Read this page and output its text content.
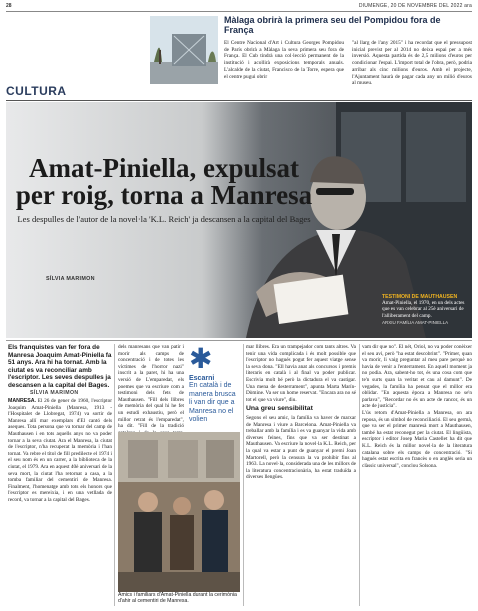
28	DIUMENGE, 20 DE NOVEMBRE DEL 2022 ara
Màlaga obrirà la primera seu del Pompidou fora de França
El Centre Nacional d'Art i Cultura Georges Pompidou de París obrirà a Màlaga la seva primera seu fora de França. El Cub tindrà una col·lecció permanent de la institució i acollirà exposicions temporals anuals. L'alcalde de la ciutat, Francisco de la Torre, espera que el centre pugui obrir
"al llarg de l'any 2015" i ha recordat que el pressupost inicial previst per al 2014 no deixa espai per a més inversió. Aquesta partida és de 2,5 milions d'euros per condicionar l'espai. L'import total de l'obra, però, podria arribar als cinc milions d'euros. Amb el projecte, l'Ajuntament haurà de pagar cada any un milió d'euros al museu.
CULTURA
Amat-Piniella, expulsat per roig, torna a Manresa
Les despulles de l'autor de la novel·la 'K.L. Reich' ja descansen a la capital del Bages
SÍLVIA MARIMON
TESTIMONI DE MAUTHAUSEN Amat-Piniella, el 1970, en un dels actes que es van celebrar al 25è aniversari de l'alliberament del camp.
ARXIU FAMÍLIA AMAT-PINIELLA
Els franquistes van fer fora de Manresa Joaquim Amat-Piniella fa 51 anys. Ara hi ha tornat. Amb la ciutat es va reconciliar amb l'escriptor. Les seves despulles ja descansen a la capital del Bages.
SÍLVIA MARIMON
MANRESA. El 26 de gener de 1960, l'escriptor Joaquim Amat-Piniella (Manresa, 1913 - l'Hospitalet de Llobregat, 1974) va sortir de Manresa allí mar exemplars d'El cantó dels aseques. Tota persona que va tornar del camp de Mauthausen i en tots aquells anys no va poder tornar a la seva ciutat. Ara el Manresa, la ciutat de l'escriptor, n'ha recuperat la memòria i l'han tornat. Va rebre el títol de fill predilecte el 1974 i el seu nom és en un carrer, a la biblioteca de la ciutat, el 1979. Ara en aquest 40è aniversari de la seva mort, la ciutat l'ha retornat a casa, a la tomba familiar del cementiri de Manresa. Finalment, l'homenatge amb tots els honors que l'escriptor es mereixia, i en una vetllada de record, va tornar a la capital del Bages.
dels manresans que van patir i morir als camps de concentració i de totes les víctimes de l'horror nazi" inscrit a la paret, hi ha una versió de L'emparedat, els poemes que va escriure com a testimoni dels fets de Mauthausen. "Fill dels llibres de memòria del qual hi he fet un estudi exhaustiu, però el millor retrat és l'emparedat", ha dit. "Fill de la tradició
✱
Escarni
En català i de manera brusca li van dir que a Manresa no el volien
Amics i familiars d'Amat-Piniella durant la cerimònia d'ahir al cementiri de Manresa.
mar llibres. Era un trampejador com tants altres. Va tenir una vida complicada i és molt possible que l'escriptor no hagués pogut fer aquest viatge sense la seva dona. "Ell havia anat als concursos i premis literaris en català i al final va poder publicar. Escrivia molt bé però la dictadura el va castigar. Una mena de desterrament", apunta Marta Marín-Dòmine. Va ser un home reservat. "Encara ara no sé tot el que va viure", diu.
Una greu sensibilitat
Segons el seu amic, la família va haver de marxar de Manresa i viure a Barcelona. Amat-Piniella va treballar amb la família i es va guanyar la vida amb diverses feines, fins que va ser destinat a Mauthausen. Va escriure la novel·la K.L. Reich, per la qual va estar a punt de guanyar el premi Joan Martorell, però la censura la va prohibir fins al 1963. La novel·la, considerada una de les millors de la literatura concentracionària, ha estat traduïda a diverses llengües.
vam dir que no". El nét, Oriol, no va poder conèixer el seu avi, però "ha estat descobrint". "Primer, quan va morir, li vaig preguntar al meu pare perquè no havia de venir a l'enterrament. En aquell moment ja no podia. Ara, sabent-ho tot, és una cosa com que te'n surts quan la veritat et cau al damunt". De vegades, la família ha pensat que el millor era oblidar. "En aquesta època a Manresa no se'n parlava", "Recordar no és un acte de rancor, és un acte de justícia".
L'ús retorn d'Amat-Piniella a Manresa, on ara reposa, és un símbol de reconciliació. El seu germà, que va ser el primer manresà mort a Mauthausen, també ha estat reconegut per la ciutat. El lingüista, escriptor i editor Josep Maria Castellet ha dit que K.L. Reich és la millor novel·la de la literatura catalana sobre els camps de concentració. "Si hagués estat escrita en francès o en anglès seria un clàssic universal", conclou Solsona.
